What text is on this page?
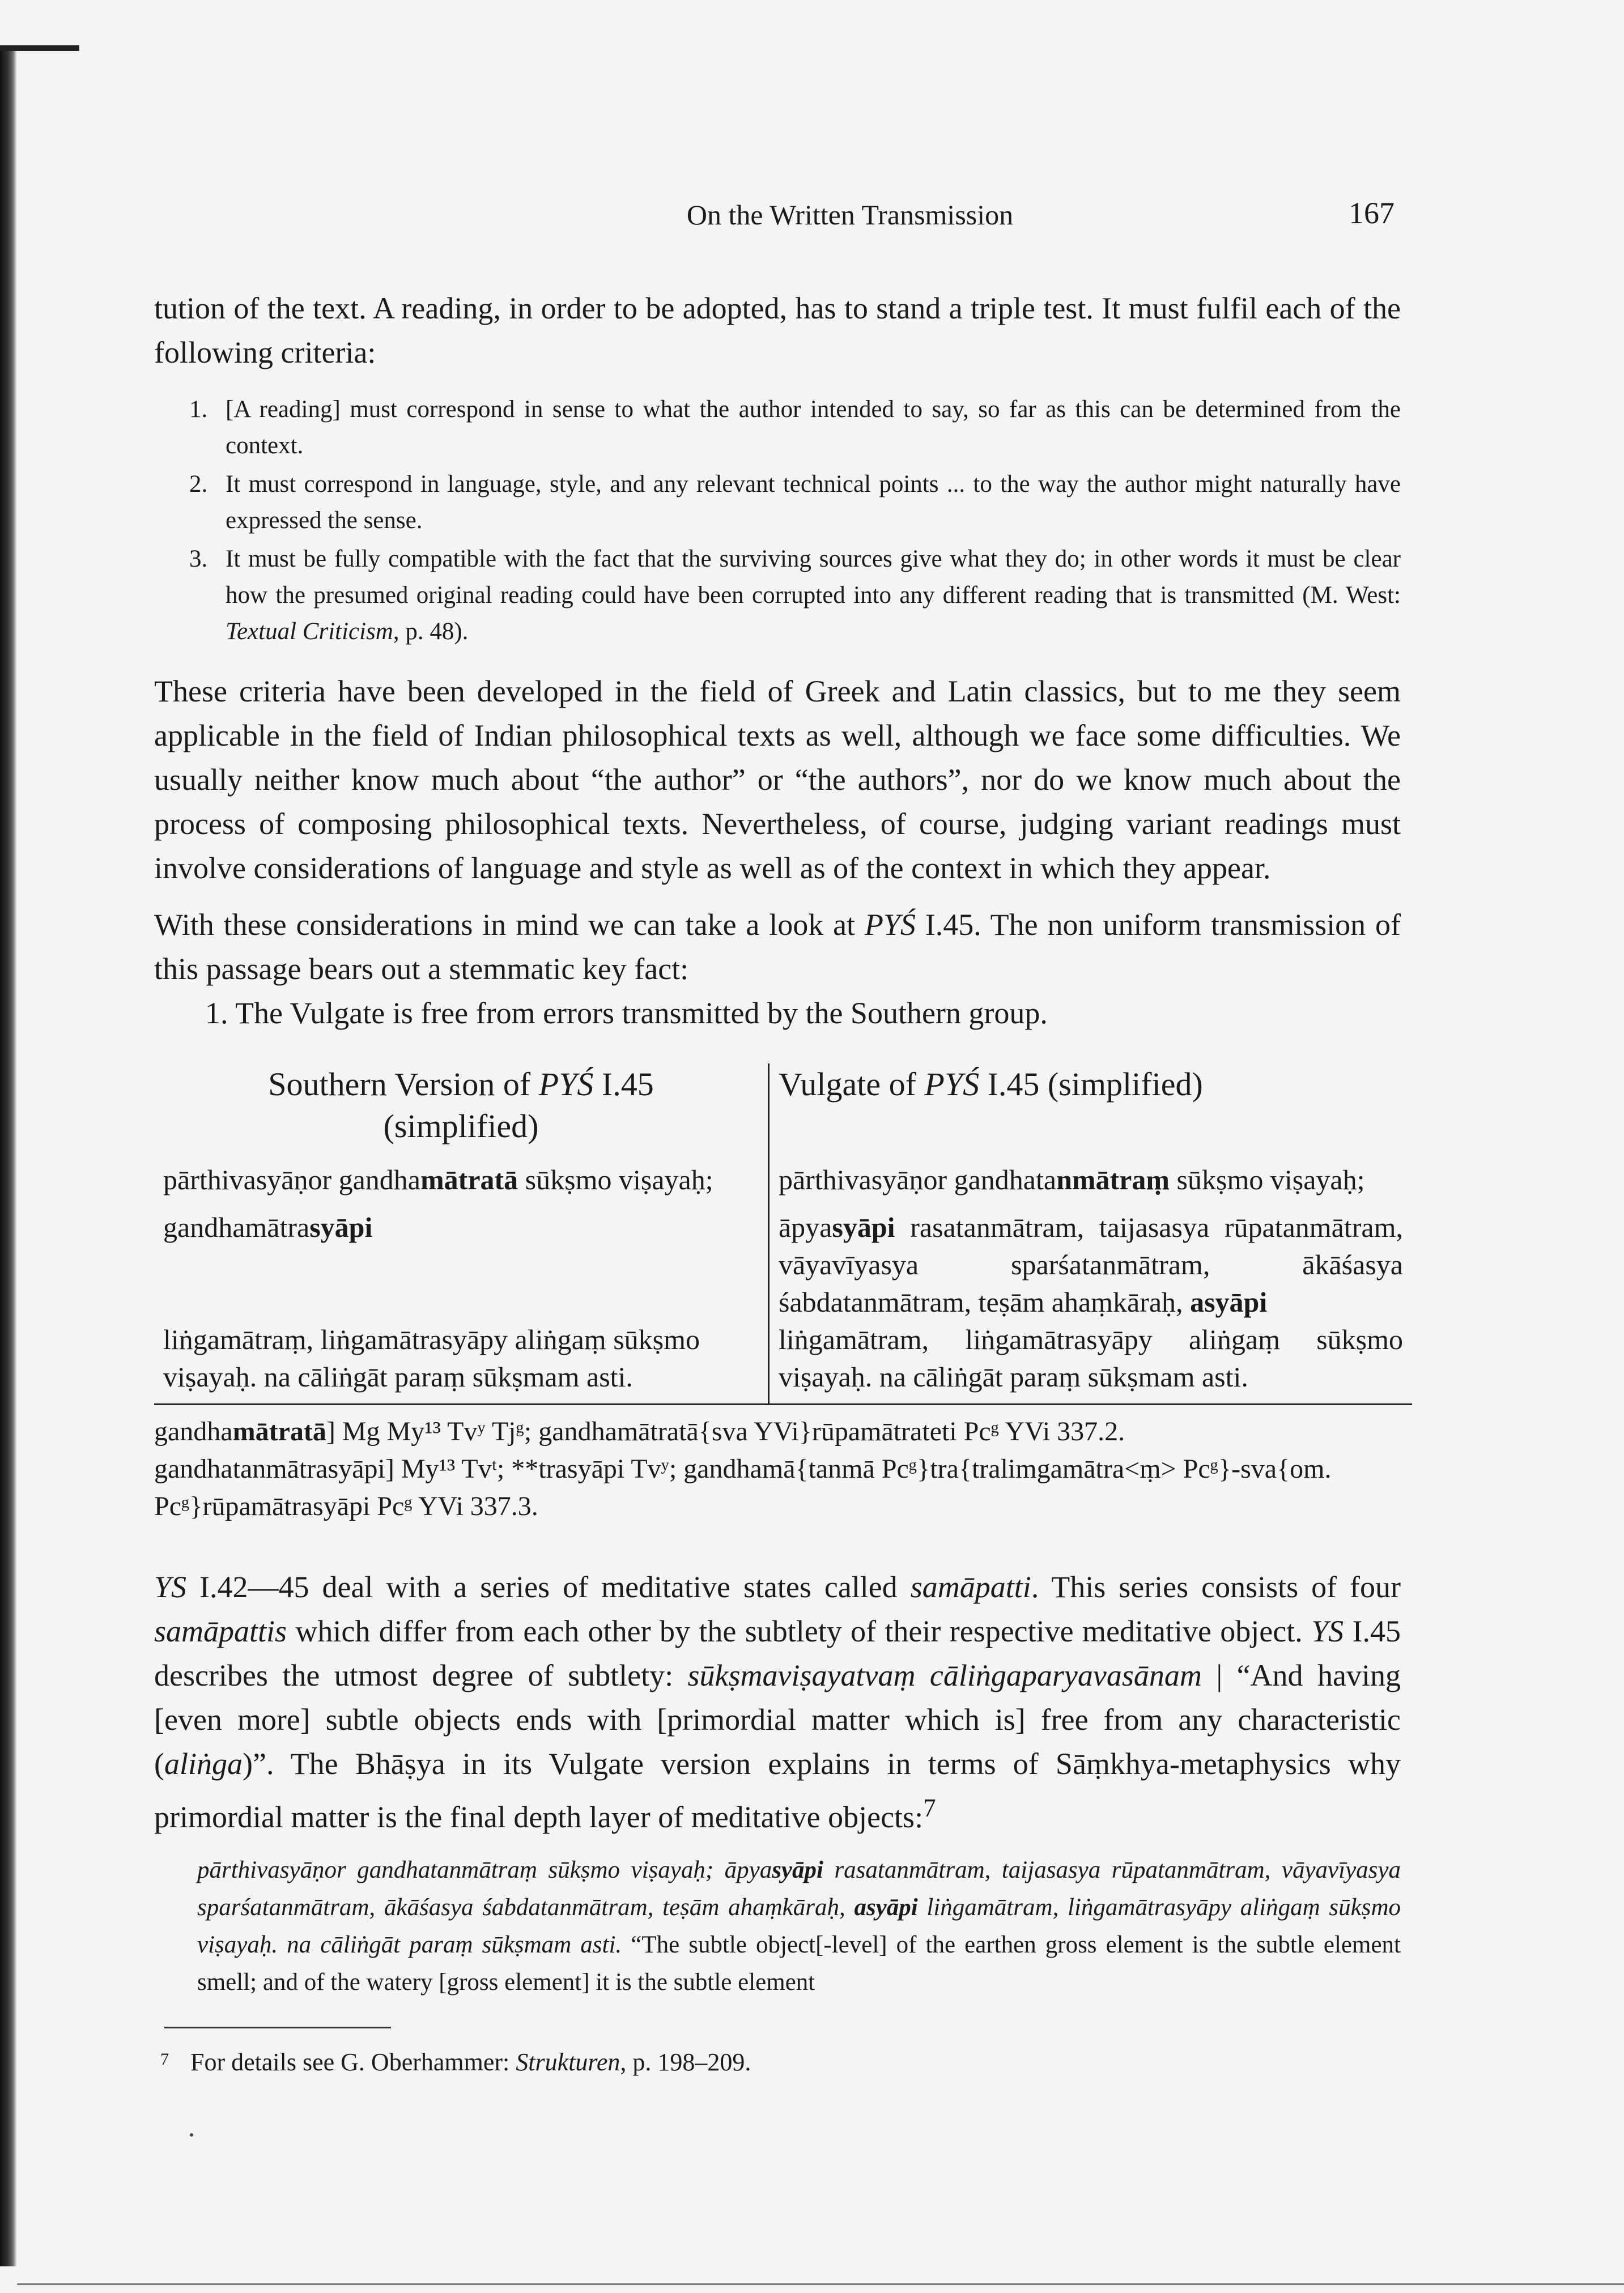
On the Written Transmission	167

tution of the text. A reading, in order to be adopted, has to stand a triple test. It must fulfil each of the following criteria:

1. [A reading] must correspond in sense to what the author intended to say, so far as this can be determined from the context.
2. It must correspond in language, style, and any relevant technical points ... to the way the author might naturally have expressed the sense.
3. It must be fully compatible with the fact that the surviving sources give what they do; in other words it must be clear how the presumed original reading could have been corrupted into any different reading that is transmitted (M. West: Textual Criticism, p. 48).

These criteria have been developed in the field of Greek and Latin classics, but to me they seem applicable in the field of Indian philosophical texts as well, although we face some difficulties. We usually neither know much about “the author” or “the authors”, nor do we know much about the process of composing philosophical texts. Nevertheless, of course, judging variant readings must involve considerations of language and style as well as of the context in which they appear.

With these considerations in mind we can take a look at PYŚ I.45. The non uniform transmission of this passage bears out a stemmatic key fact:

1. The Vulgate is free from errors transmitted by the Southern group.

Southern Version of PYŚ I.45
(simplified)	Vulgate of PYŚ I.45 (simplified)
pārthivasyāṇor gandhamātratā sūkṣmo viṣayaḥ;	pārthivasyāṇor gandhatanmātraṃ sūkṣmo viṣayaḥ;
gandhamātrasyāpi	āpyasyāpi rasatanmātram, taijasasya rūpatanmātram, vāyavīyasya sparśatanmātram, ākāśasya śabdatanmātram, teṣām ahaṃkāraḥ, asyāpi
liṅgamātraṃ, liṅgamātrasyāpy aliṅgaṃ sūkṣmo viṣayaḥ. na cāliṅgāt paraṃ sūkṣmam asti.	liṅgamātram, liṅgamātrasyāpy aliṅgaṃ sūkṣmo viṣayaḥ. na cāliṅgāt paraṃ sūkṣmam asti.

gandhamātratā] Mg My¹³ Tvʸ Tjᵍ; gandhamātratā{sva YVi}rūpamātrateti Pcᵍ YVi 337.2.

gandhatanmātrasyāpi] My¹³ Tvᵗ; **trasyāpi Tvʸ; gandhamā{tanmā Pcᵍ}tra{tralimgamātra<ṃ> Pcᵍ}-sva{om. Pcᵍ}rūpamātrasyāpi Pcᵍ YVi 337.3.

YS I.42—45 deal with a series of meditative states called samāpatti. This series consists of four samāpattis which differ from each other by the subtlety of their respective meditative object. YS I.45 describes the utmost degree of subtlety: sūkṣmaviṣayatvaṃ cāliṅgaparyavasānam | “And having [even more] subtle objects ends with [primordial matter which is] free from any characteristic (aliṅga)”. The Bhāṣya in its Vulgate version explains in terms of Sāṃkhya-metaphysics why primordial matter is the final depth layer of meditative objects:$^7$

pārthivasyāṇor gandhatanmātraṃ sūkṣmo viṣayaḥ; āpyasyāpi rasatanmātram, taijasasya rūpatanmātram, vāyavīyasya sparśatanmātram, ākāśasya śabdatanmātram, teṣām ahaṃkāraḥ, asyāpi liṅgamātram, liṅgamātrasyāpy aliṅgaṃ sūkṣmo viṣayaḥ. na cāliṅgāt paraṃ sūkṣmam asti. “The subtle object[-level] of the earthen gross element is the subtle element smell; and of the watery [gross element] it is the subtle element

$^7$ For details see G. Oberhammer: Strukturen, p. 198–209.
